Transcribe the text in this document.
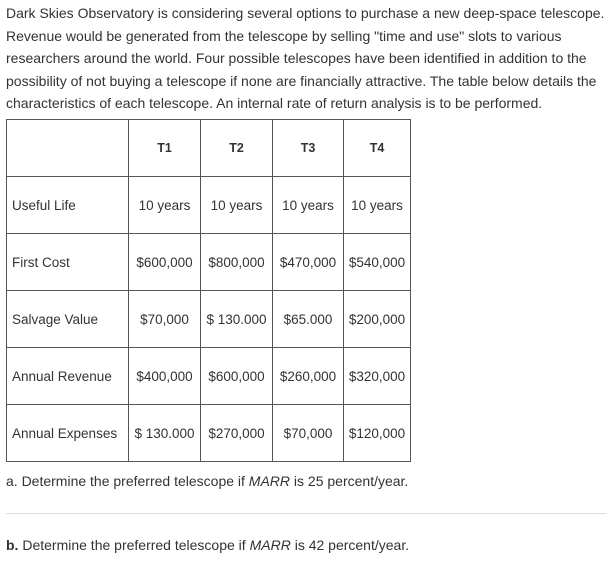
Dark Skies Observatory is considering several options to purchase a new deep-space telescope. Revenue would be generated from the telescope by selling "time and use" slots to various researchers around the world. Four possible telescopes have been identified in addition to the possibility of not buying a telescope if none are financially attractive. The table below details the characteristics of each telescope. An internal rate of return analysis is to be performed.

	T1	T2	T3	T4
Useful Life	10 years	10 years	10 years	10 years
First Cost	$600,000	$800,000	$470,000	$540,000
Salvage Value	$70,000	$ 130.000	$65.000	$200,000
Annual Revenue	$400,000	$600,000	$260,000	$320,000
Annual Expenses	$ 130.000	$270,000	$70,000	$120,000

a. Determine the preferred telescope if MARR is 25 percent/year.

b. Determine the preferred telescope if MARR is 42 percent/year.
